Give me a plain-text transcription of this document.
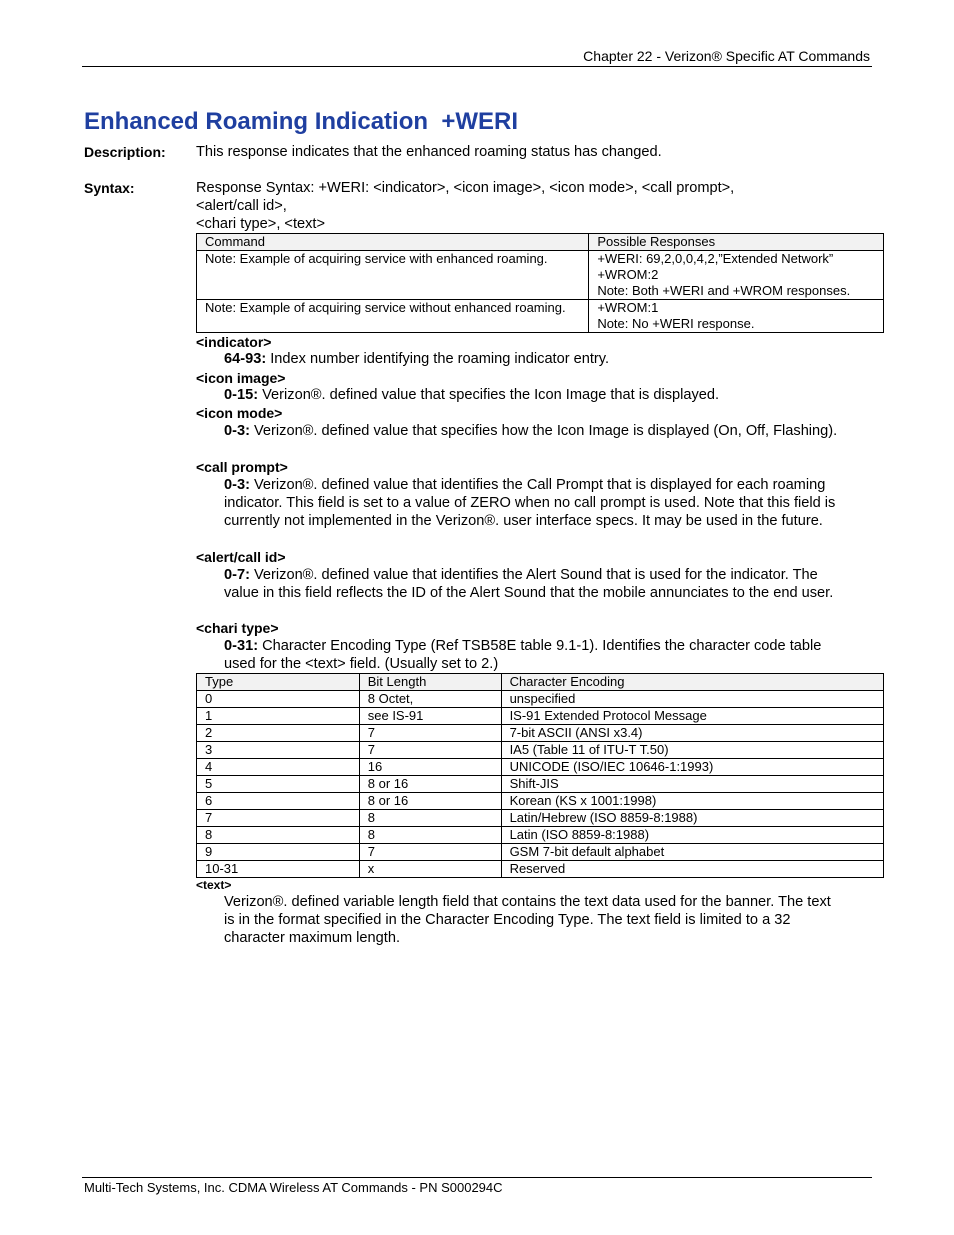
Chapter 22 - Verizon® Specific AT Commands
Enhanced Roaming Indication  +WERI
Description: This response indicates that the enhanced roaming status has changed.
Syntax:	Response Syntax: +WERI: <indicator>, <icon image>, <icon mode>, <call prompt>,
<alert/call id>,
<chari type>, <text>
Command	Possible Responses
Note: Example of acquiring service with enhanced roaming.	+WERI: 69,2,0,0,4,2,”Extended Network”
+WROM:2
Note: Both +WERI and +WROM responses.

Note: Example of acquiring service without enhanced roaming.	+WROM:1
Note: No +WERI response.
<indicator>
64-93: Index number identifying the roaming indicator entry.
<icon image>
0-15: Verizon®. defined value that specifies the Icon Image that is displayed.
<icon mode>
0-3: Verizon®. defined value that specifies how the Icon Image is displayed (On, Off, Flashing).
<call prompt>
0-3: Verizon®. defined value that identifies the Call Prompt that is displayed for each roaming indicator. This field is set to a value of ZERO when no call prompt is used. Note that this field is currently not implemented in the Verizon®. user interface specs. It may be used in the future.
<alert/call id>
0-7: Verizon®. defined value that identifies the Alert Sound that is used for the indicator. The value in this field reflects the ID of the Alert Sound that the mobile annunciates to the end user.
<chari type>
0-31: Character Encoding Type (Ref TSB58E table 9.1-1). Identifies the character code table used for the <text> field. (Usually set to 2.)
Type	Bit Length	Character Encoding
0	8 Octet,	unspecified
1	see IS-91	IS-91 Extended Protocol Message
2	7	7-bit ASCII (ANSI x3.4)
3	7	IA5 (Table 11 of ITU-T T.50)
4	16	UNICODE (ISO/IEC 10646-1:1993)
5	8 or 16	Shift-JIS
6	8 or 16	Korean (KS x 1001:1998)
7	8	Latin/Hebrew (ISO 8859-8:1988)
8	8	Latin (ISO 8859-8:1988)
9	7	GSM 7-bit default alphabet
10-31	x	Reserved
<text>
Verizon®. defined variable length field that contains the text data used for the banner. The text is in the format specified in the Character Encoding Type. The text field is limited to a 32 character maximum length.
Multi-Tech Systems, Inc. CDMA Wireless AT Commands - PN S000294C
